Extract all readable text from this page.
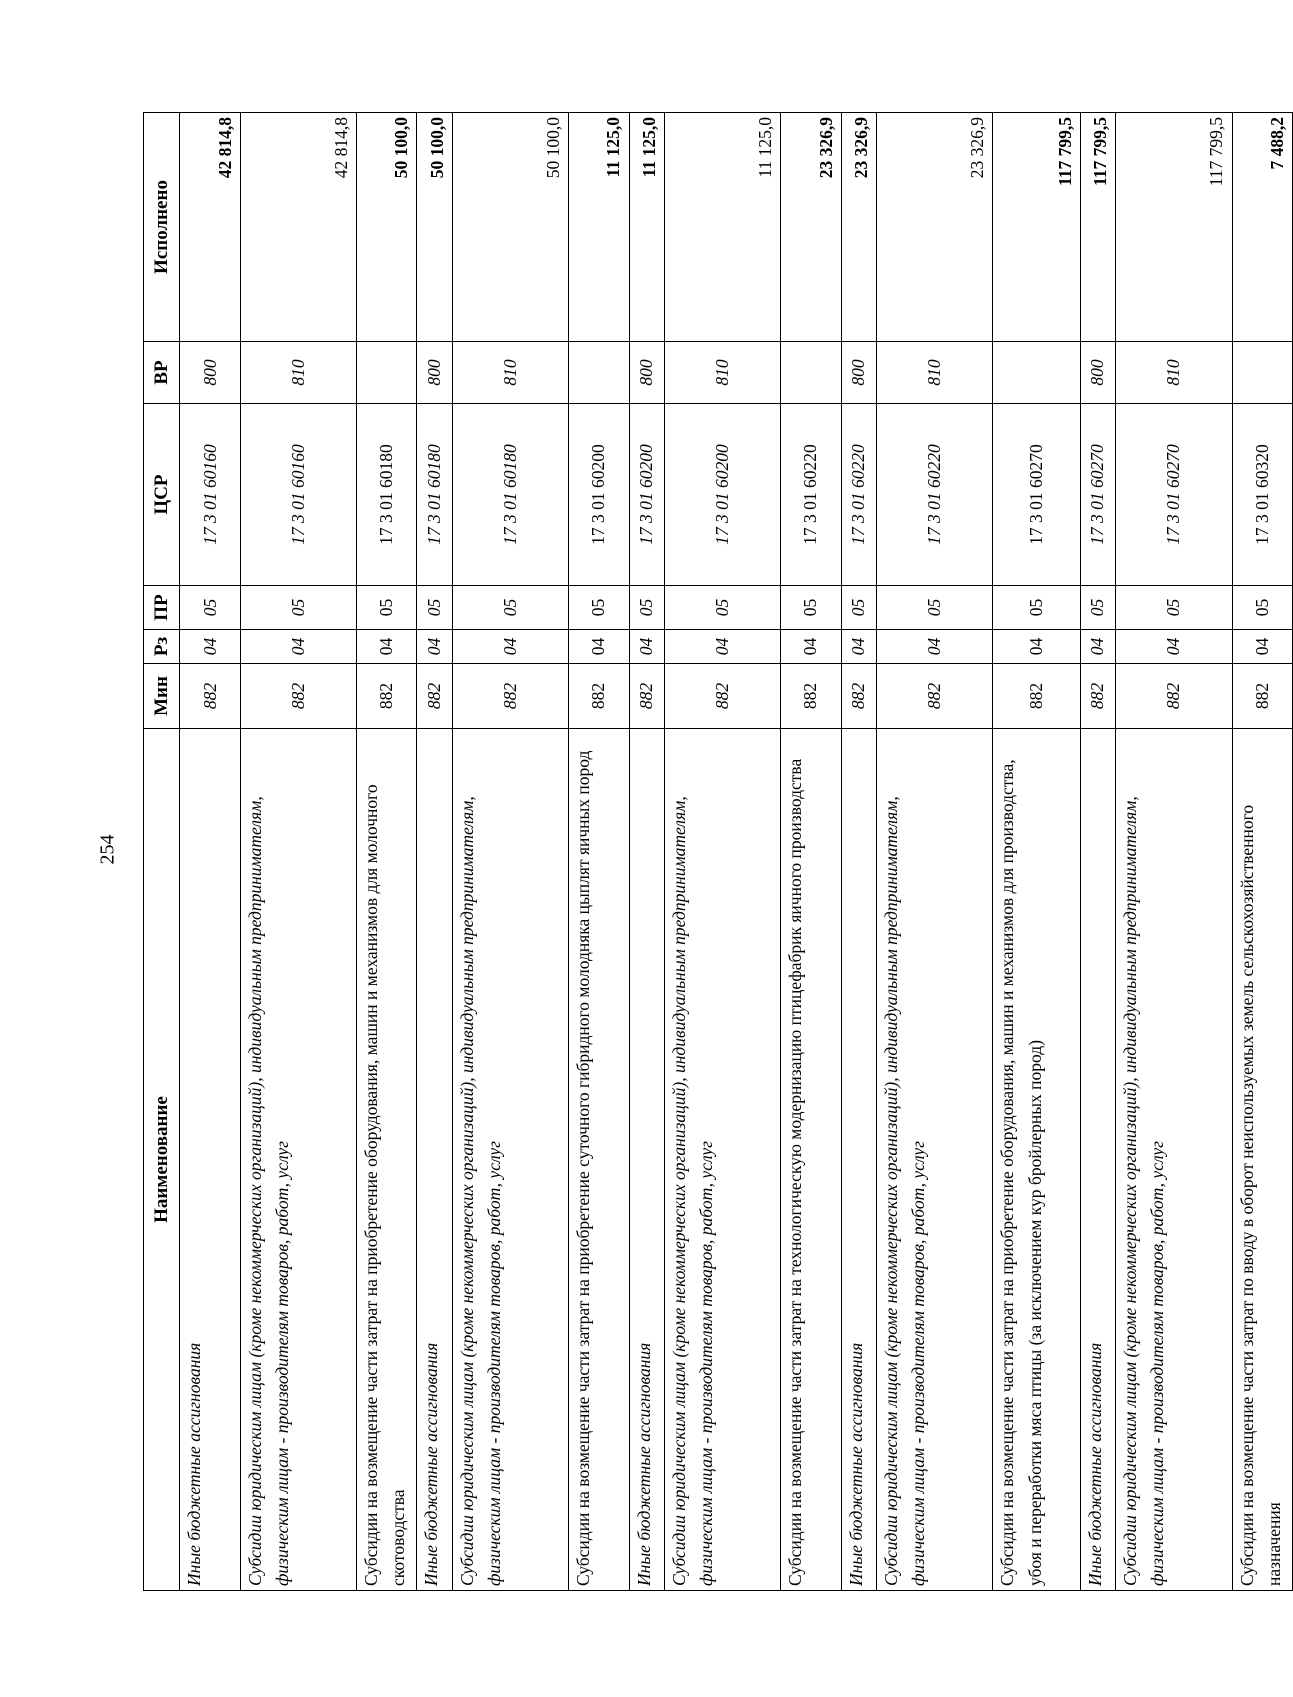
254
Наименование	Мин	Рз	ПР	ЦСР	ВР	Исполнено
Иные бюджетные ассигнования	882	04	05	17 3 01 60160	800	42 814,8
Субсидии юридическим лицам (кроме некоммерческих организаций), индивидуальным предпринимателям, физическим лицам - производителям товаров, работ, услуг	882	04	05	17 3 01 60160	810	42 814,8
Субсидии на возмещение части затрат на приобретение оборудования, машин и механизмов для молочного скотоводства	882	04	05	17 3 01 60180		50 100,0
Иные бюджетные ассигнования	882	04	05	17 3 01 60180	800	50 100,0
Субсидии юридическим лицам (кроме некоммерческих организаций), индивидуальным предпринимателям, физическим лицам - производителям товаров, работ, услуг	882	04	05	17 3 01 60180	810	50 100,0
Субсидии на возмещение части затрат на приобретение суточного гибридного молодняка цыплят яичных пород	882	04	05	17 3 01 60200		11 125,0
Иные бюджетные ассигнования	882	04	05	17 3 01 60200	800	11 125,0
Субсидии юридическим лицам (кроме некоммерческих организаций), индивидуальным предпринимателям, физическим лицам - производителям товаров, работ, услуг	882	04	05	17 3 01 60200	810	11 125,0
Субсидии на возмещение части затрат на технологическую модернизацию птицефабрик яичного производства	882	04	05	17 3 01 60220		23 326,9
Иные бюджетные ассигнования	882	04	05	17 3 01 60220	800	23 326,9
Субсидии юридическим лицам (кроме некоммерческих организаций), индивидуальным предпринимателям, физическим лицам - производителям товаров, работ, услуг	882	04	05	17 3 01 60220	810	23 326,9
Субсидии на возмещение части затрат на приобретение оборудования, машин и механизмов для производства, убоя и переработки мяса птицы (за исключением кур бройлерных пород)	882	04	05	17 3 01 60270		117 799,5
Иные бюджетные ассигнования	882	04	05	17 3 01 60270	800	117 799,5
Субсидии юридическим лицам (кроме некоммерческих организаций), индивидуальным предпринимателям, физическим лицам - производителям товаров, работ, услуг	882	04	05	17 3 01 60270	810	117 799,5
Субсидии на возмещение части затрат по вводу в оборот неиспользуемых земель сельскохозяйственного назначения	882	04	05	17 3 01 60320		7 488,2
